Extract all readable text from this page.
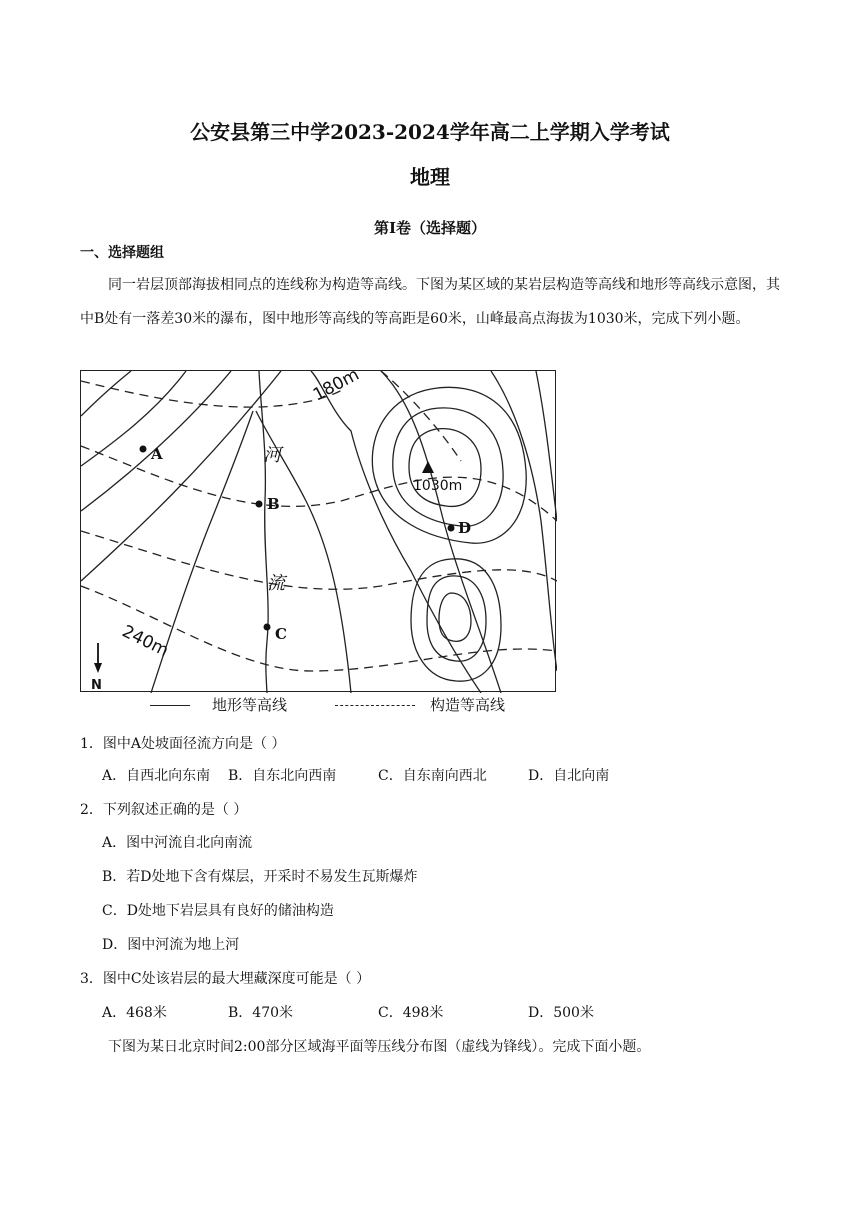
公安县第三中学2023-2024学年高二上学期入学考试
地理
第Ⅰ卷（选择题）
一、选择题组
同一岩层顶部海拔相同点的连线称为构造等高线。下图为某区域的某岩层构造等高线和地形等高线示意图，其中B处有一落差30米的瀑布，图中地形等高线的等高距是60米，山峰最高点海拔为1030米，完成下列小题。
A
B
C
D
1030m
180m
240m
河
流
N
地形等高线	构造等高线
1．图中A处坡面径流方向是（ ）
A．自西北向东南 B．自东北向西南	C．自东南向西北	D．自北向南
2．下列叙述正确的是（ ）
A．图中河流自北向南流
B．若D处地下含有煤层，开采时不易发生瓦斯爆炸
C．D处地下岩层具有良好的储油构造
D．图中河流为地上河
3．图中C处该岩层的最大埋藏深度可能是（ ）
A．468米	B．470米	C．498米	D．500米
下图为某日北京时间2:00部分区域海平面等压线分布图（虚线为锋线）。完成下面小题。
